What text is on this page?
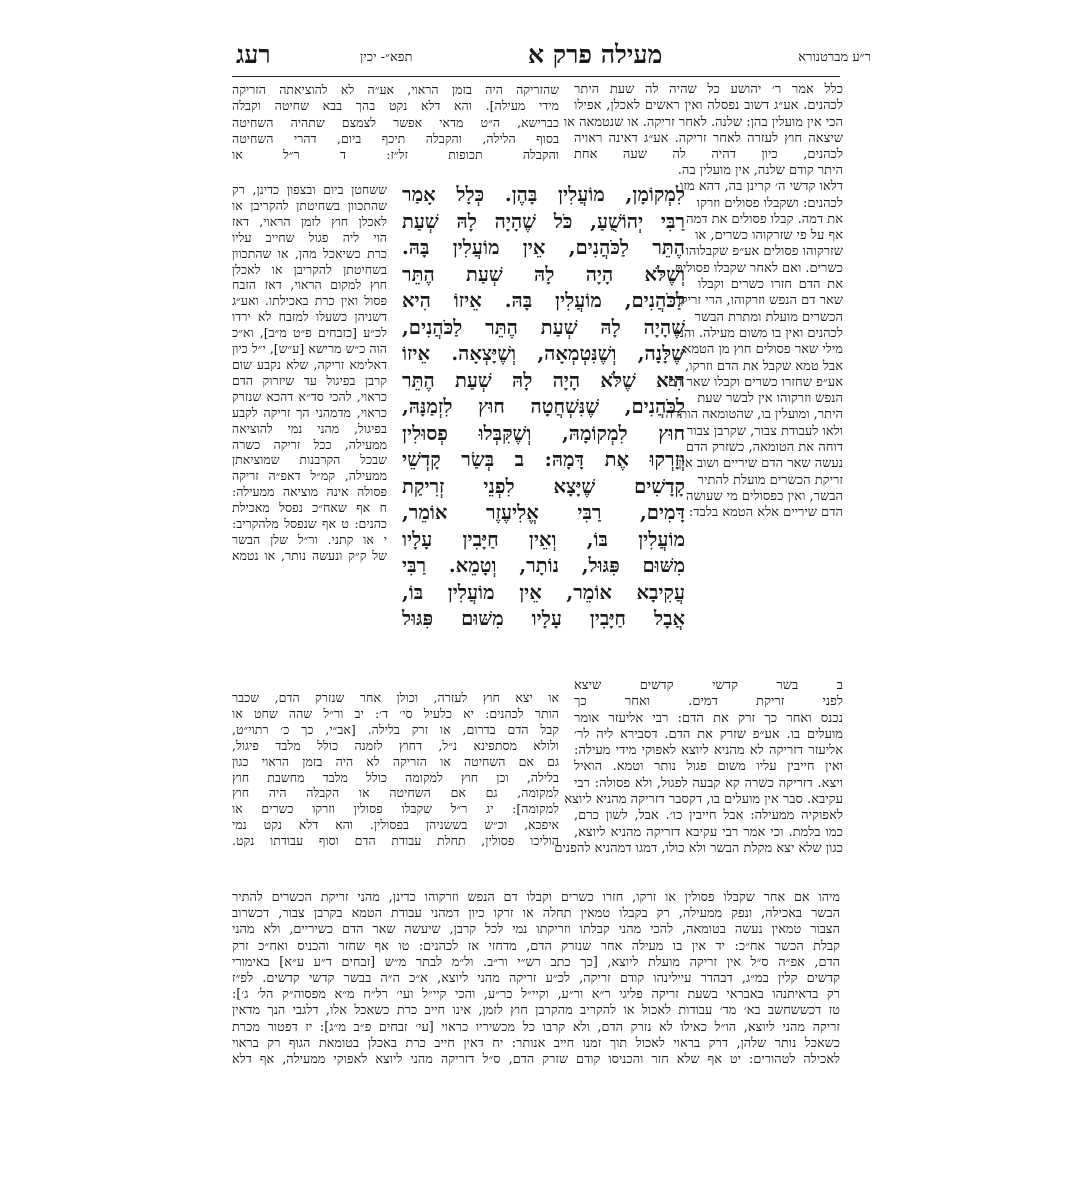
רעג	תפא״- יכין	מעילה פרק א	ר״ע מברטנורא
כלל אמר ר׳ יהושע כל שהיה לה שעת היתר
לכהנים. אע״ג דשוב נפסלה ואין ראשים לאכלן, אפילו
הכי אין מועלין בהן: שלנה. לאחר זריקה. או שנטמאה או
שיצאה חוץ לעזרה לאחר זריקה. אע״ג דאינה ראויה
לכהנים, כיון דהיה לה שעה אחת
היתר קודם שלנה, אין מועלין בה.
דלאו קדשי ה׳ קרינן בה, דהא מזו
לכהנים: ושקבלו פסולים וזרקו
את דמה. קבלו פסולים את דמה
אף על פי שזרקוהו כשרים, או
שזרקוהו פסולים אע״פ שקבלוהו
כשרים. ואם לאחר שקבלו פסולים
את הדם חזרו כשרים וקבלו
שאר דם הנפש וזרקוהו, הרי זריקת
הכשרים מועלת ומתרת הבשר
לכהנים ואין בו משום מעילה. והני
מילי שאר פסולים חוץ מן הטמא,
אבל טמא שקבל את הדם וזרקו,
אע״פ שחזרו כשרים וקבלו שאר דם
הנפש וזרקוהו אין לבשר שעת
היתר, ומועלין בו, שהטומאה הותרה
ולאו לעבודת צבור, שקרבן צבור
דוחה את הטומאה, כשזרק הדם
נעשה שאר הדם שיריים ושוב אין
זריקת הכשרים מועלת להתיר
הבשר, ואין כפסולים מי שעושה
הדם שיריים אלא הטמא בלבד:
ב בשר קדשי קדשים שיצא
לפני זריקת דמים. ואחר כך
נכנס ואחר כך זרק את הדם: רבי אליעזר אומר
מועלים בו. אע״פ שזרק את הדם. דסבירא ליה לר׳
אליעזר דזריקה לא מהניא ליוצא לאפוקי מידי מעילה:
ואין חייבין עליו משום פגול נותר וטמא. הואיל
ויצא. דזריקה כשרה קא קבעה לפגול, ולא פסולה: רבי
עקיבא. סבר אין מועלים בו, דקסבר דזריקה מהניא ליוצא
לאפוקיה ממעילה: אבל חייבין כו׳. אבל, לשון כרם,
כמו בלמת. וכי אמר רבי עקיבא דזריקה מהניא ליוצא,
כגון שלא יצא מקלת הבשר ולא כולו, דמגו דמהניא להפנים
שהזריקה היה בזמן הראוי, אע״ה לא להוציאתה הזריקה
מידי מעילה]. והא דלא נקט בהך בבא שחיטה וקבלה
כברישא, ה״ט מדאי אפשר לצמצם שתהיה השחיטה
בסוף הלילה, והקבלה תיכף ביום, דהרי השחיטה
והקבלה תכופות זל״ז: ד ר״ל או
לִמְקוֹמָן, מוֹעֲלִין בָּהֶן. כְּלָל אָמַר
רַבִּי יְהוֹשֻׁעַ, כֹּל שֶׁהָיָה לָהּ שְׁעַת
הֶתֵּר לַכֹּהֲנִים, אֵין מוֹעֲלִין בָּהּ.
וְשֶׁלֹּא הָיָה לָהּ שְׁעַת הֶתֵּר
לַכֹּהֲנִים, מוֹעֲלִין בָּהּ. אֵיזוֹ הִיא
שֶׁהָיָה לָהּ שְׁעַת הֶתֵּר לַכֹּהֲנִים,
שֶׁלָּנָה, וְשֶׁנִּטְמְאָה, וְשֶׁיָּצְאָה. אֵיזוֹ
הִיא שֶׁלֹּא הָיָה לָהּ שְׁעַת הֶתֵּר
לַכֹּהֲנִים, שֶׁנִּשְׁחֲטָה חוּץ לִזְמַנָּהּ,
חוּץ לִמְקוֹמָהּ, וְשֶׁקִּבְּלוּ פְסוּלִין
וְזָרְקוּ אֶת דָּמָהּ: ב בְּשַׂר קָדְשֵׁי
קָדָשִׁים שֶׁיָּצָא לִפְנֵי זְרִיקַת
דָּמִים, רַבִּי אֱלִיעֶזֶר אוֹמֵר,
מוֹעֲלִין בּוֹ, וְאֵין חַיָּבִין עָלָיו
מִשּׁוּם פִּגּוּל, נוֹתָר, וְטָמֵא. רַבִּי
עֲקִיבָא אוֹמֵר, אֵין מוֹעֲלִין בּוֹ,
אֲבָל חַיָּבִין עָלָיו מִשּׁוּם פִּגּוּל
ששחטן ביום ובצפון כדינן, רק
שהתכוון בשחיטתן להקריבן או
לאכלן חוץ לזמן הראוי, דאז
הוי ליה פגול שחייב עליו
כרת כשיאכל מהן, או שהתכוון
בשחיטתן להקריבן או לאכלן
חוץ למקום הראוי, דאז הזבח
פסול ואין כרת באכילתו. ואע״ג
דשניהן כשעלו למזבח לא ירדו
לכ״ע [כזבחים פ״ט מ״ב], וא״כ
הוה כ״ש מרישא [ע״ש], י״ל כיון
דאלימא זריקה, שלא נקבע שום
קרבן בפיגול עד שיזרוק הדם
כראוי, להכי סד״א דהכא שנזרק
כראוי, מדמהני הך זריקה לקבע
בפיגול, מהני נמי להוציאה
ממעילה, ככל זריקה כשרה
שבכל הקרבנות שמוציאתן
ממעילה, קמ״ל דאפ״ה זריקה
פסולה אינה מוציאה ממעילה:
ח אף שאח״כ נפסל מאכילת
כהנים: ט אף שנפסל מלהקריב:
י או קתני. ור״ל שלן הבשר
של ק״ק ונעשה נותר, או נטמא
או יצא חוץ לעזרה, וכולן אחר שנזרק הדם, שכבר
הותר לכהנים: יא כלעיל סי׳ ד׳: יב ור״ל שהה שחט או
קבל הדם בדרום, או זרק בלילה. [אב״י, כך כ׳ רתוי״ט,
ולולא מסתפינא נ״ל, דחוץ לזמנה כולל מלבד פיגול,
גם אם השחיטה או הזריקה לא היה בזמן הראוי כגון
בלילה, וכן חוץ למקומה כולל מלבד מחשבת חוץ
למקומה, גם אם השחיטה או הקבלה היה חוץ
למקומה]: יג ר״ל שקבלו פסולין וזרקו כשרים או
איפכא, וכ״ש בששניהן בפסולין. והא דלא נקט נמי
הוליכו פסולין, תחלת עבודת הדם וסוף עבודתו נקט.
מיהו אם אחר שקבלו פסולין או זרקו, חזרו כשרים וקבלו דם הנפש וזרקוהו כדינן, מהני זריקת הכשרים להתיר
הבשר באכילה, ונפק ממעילה, רק בקבלו טמאין תחלה או זרקו כיון דמהני עבודת הטמא בקרבן צבור, דכשרוב
הצבור טמאין נעשה בטומאה, להכי מהני קבלתו וזריקתו נמי לכל קרבן, שיעשה שאר הדם כשיריים, ולא מהני
קבלת הכשר אח״כ: יד אין בו מעילה אחר שנזרק הדם, מדחזי אז לכהנים: טו אף שחזר והכניס ואח״כ זרק
הדם, אפ״ה ס״ל אין זריקה מועלת ליוצא, [כך כתב רש״י ור״ב. ול״מ לבתר מ״ש [זבחים ד״ע ע״א] באימורי
קדשים קלין במ״ג, דבהדר עיילינהו קודם זריקה, לכ״ע זריקה מהני ליוצא, א״כ ה״ה בבשר קדשי קדשים. לפ״ז
רק בדאיתנהו באבראי בשעת זריקה פליגי ר״א ור״ע, וקיי״ל כר״ע, והכי קיי״ל ועי׳ רל״ח מ״א מפסוה״ק הל׳ ג׳]:
טז דכששחשב בא׳ מד׳ עבודות לאכול או להקריב מהקרבן חוץ לזמן, אינו חייב כרת כשאכל אלו, דלגבי הנך מדאין
זריקה מהני ליוצא, הו״ל כאילו לא נזרק הדם, ולא קרבו כל מכשיריו כראוי [עי׳ זבחים פ״ב מ״ג]: יז דפטור מכרת
כשאכל נותר שלהן, דרק בראוי לאכול תוך זמנו חייב אנותר: יח דאין חייב כרת באכלן בטומאת הגוף רק בראוי
לאכילה לטהורים: יט אף שלא חזר והכניסו קודם שזרק הדם, ס״ל דזריקה מהני ליוצא לאפוקי ממעילה, אף דלא
